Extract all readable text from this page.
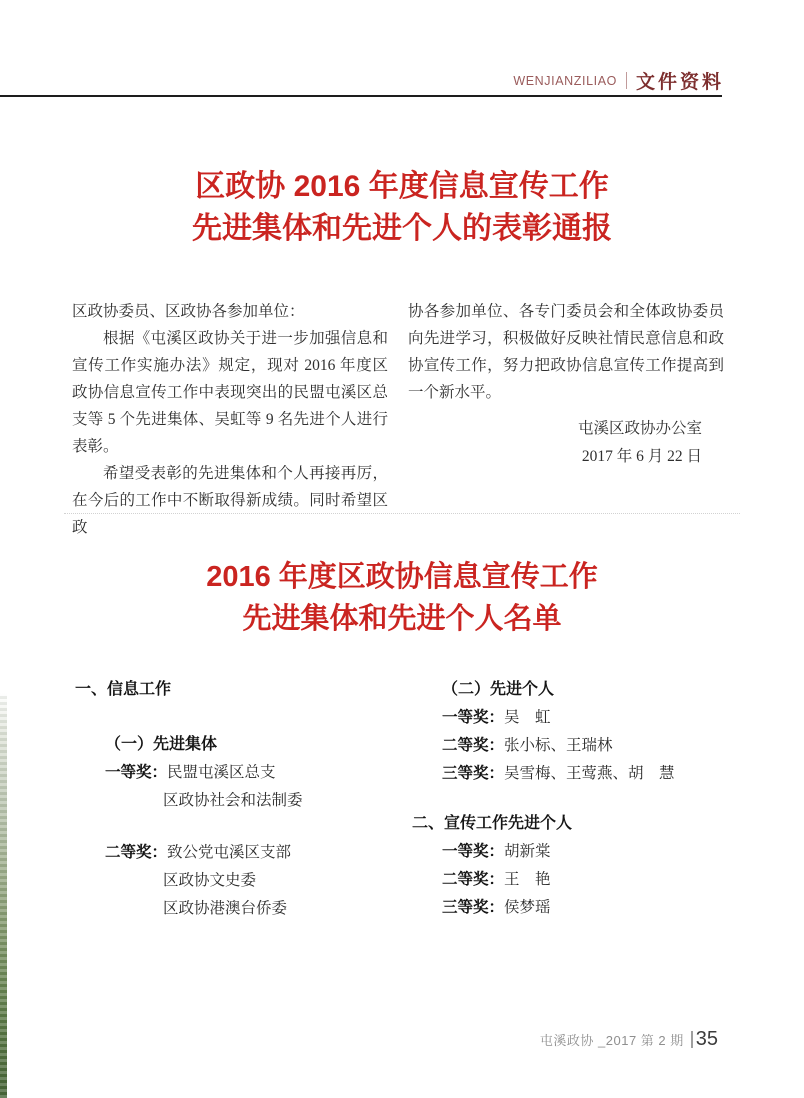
WENJIANZILIAO 文件资料
区政协 2016 年度信息宣传工作
先进集体和先进个人的表彰通报

区政协委员、区政协各参加单位：

根据《屯溪区政协关于进一步加强信息和宣传工作实施办法》规定，现对 2016 年度区政协信息宣传工作中表现突出的民盟屯溪区总支等 5 个先进集体、吴虹等 9 名先进个人进行表彰。

希望受表彰的先进集体和个人再接再厉，在今后的工作中不断取得新成绩。同时希望区政

协各参加单位、各专门委员会和全体政协委员向先进学习，积极做好反映社情民意信息和政协宣传工作，努力把政协信息宣传工作提高到一个新水平。

屯溪区政协办公室
2017 年 6 月 22 日
2016 年度区政协信息宣传工作
先进集体和先进个人名单
一、信息工作
（一）先进集体
一等奖：民盟屯溪区总支
区政协社会和法制委
二等奖：致公党屯溪区支部
区政协文史委
区政协港澳台侨委
（二）先进个人
一等奖：吴　虹
二等奖：张小标、王瑞林
三等奖：吴雪梅、王莺燕、胡　慧
二、宣传工作先进个人
一等奖：胡新棠
二等奖：王　艳
三等奖：侯梦瑶
屯溪政协 _2017 第 2 期 35
